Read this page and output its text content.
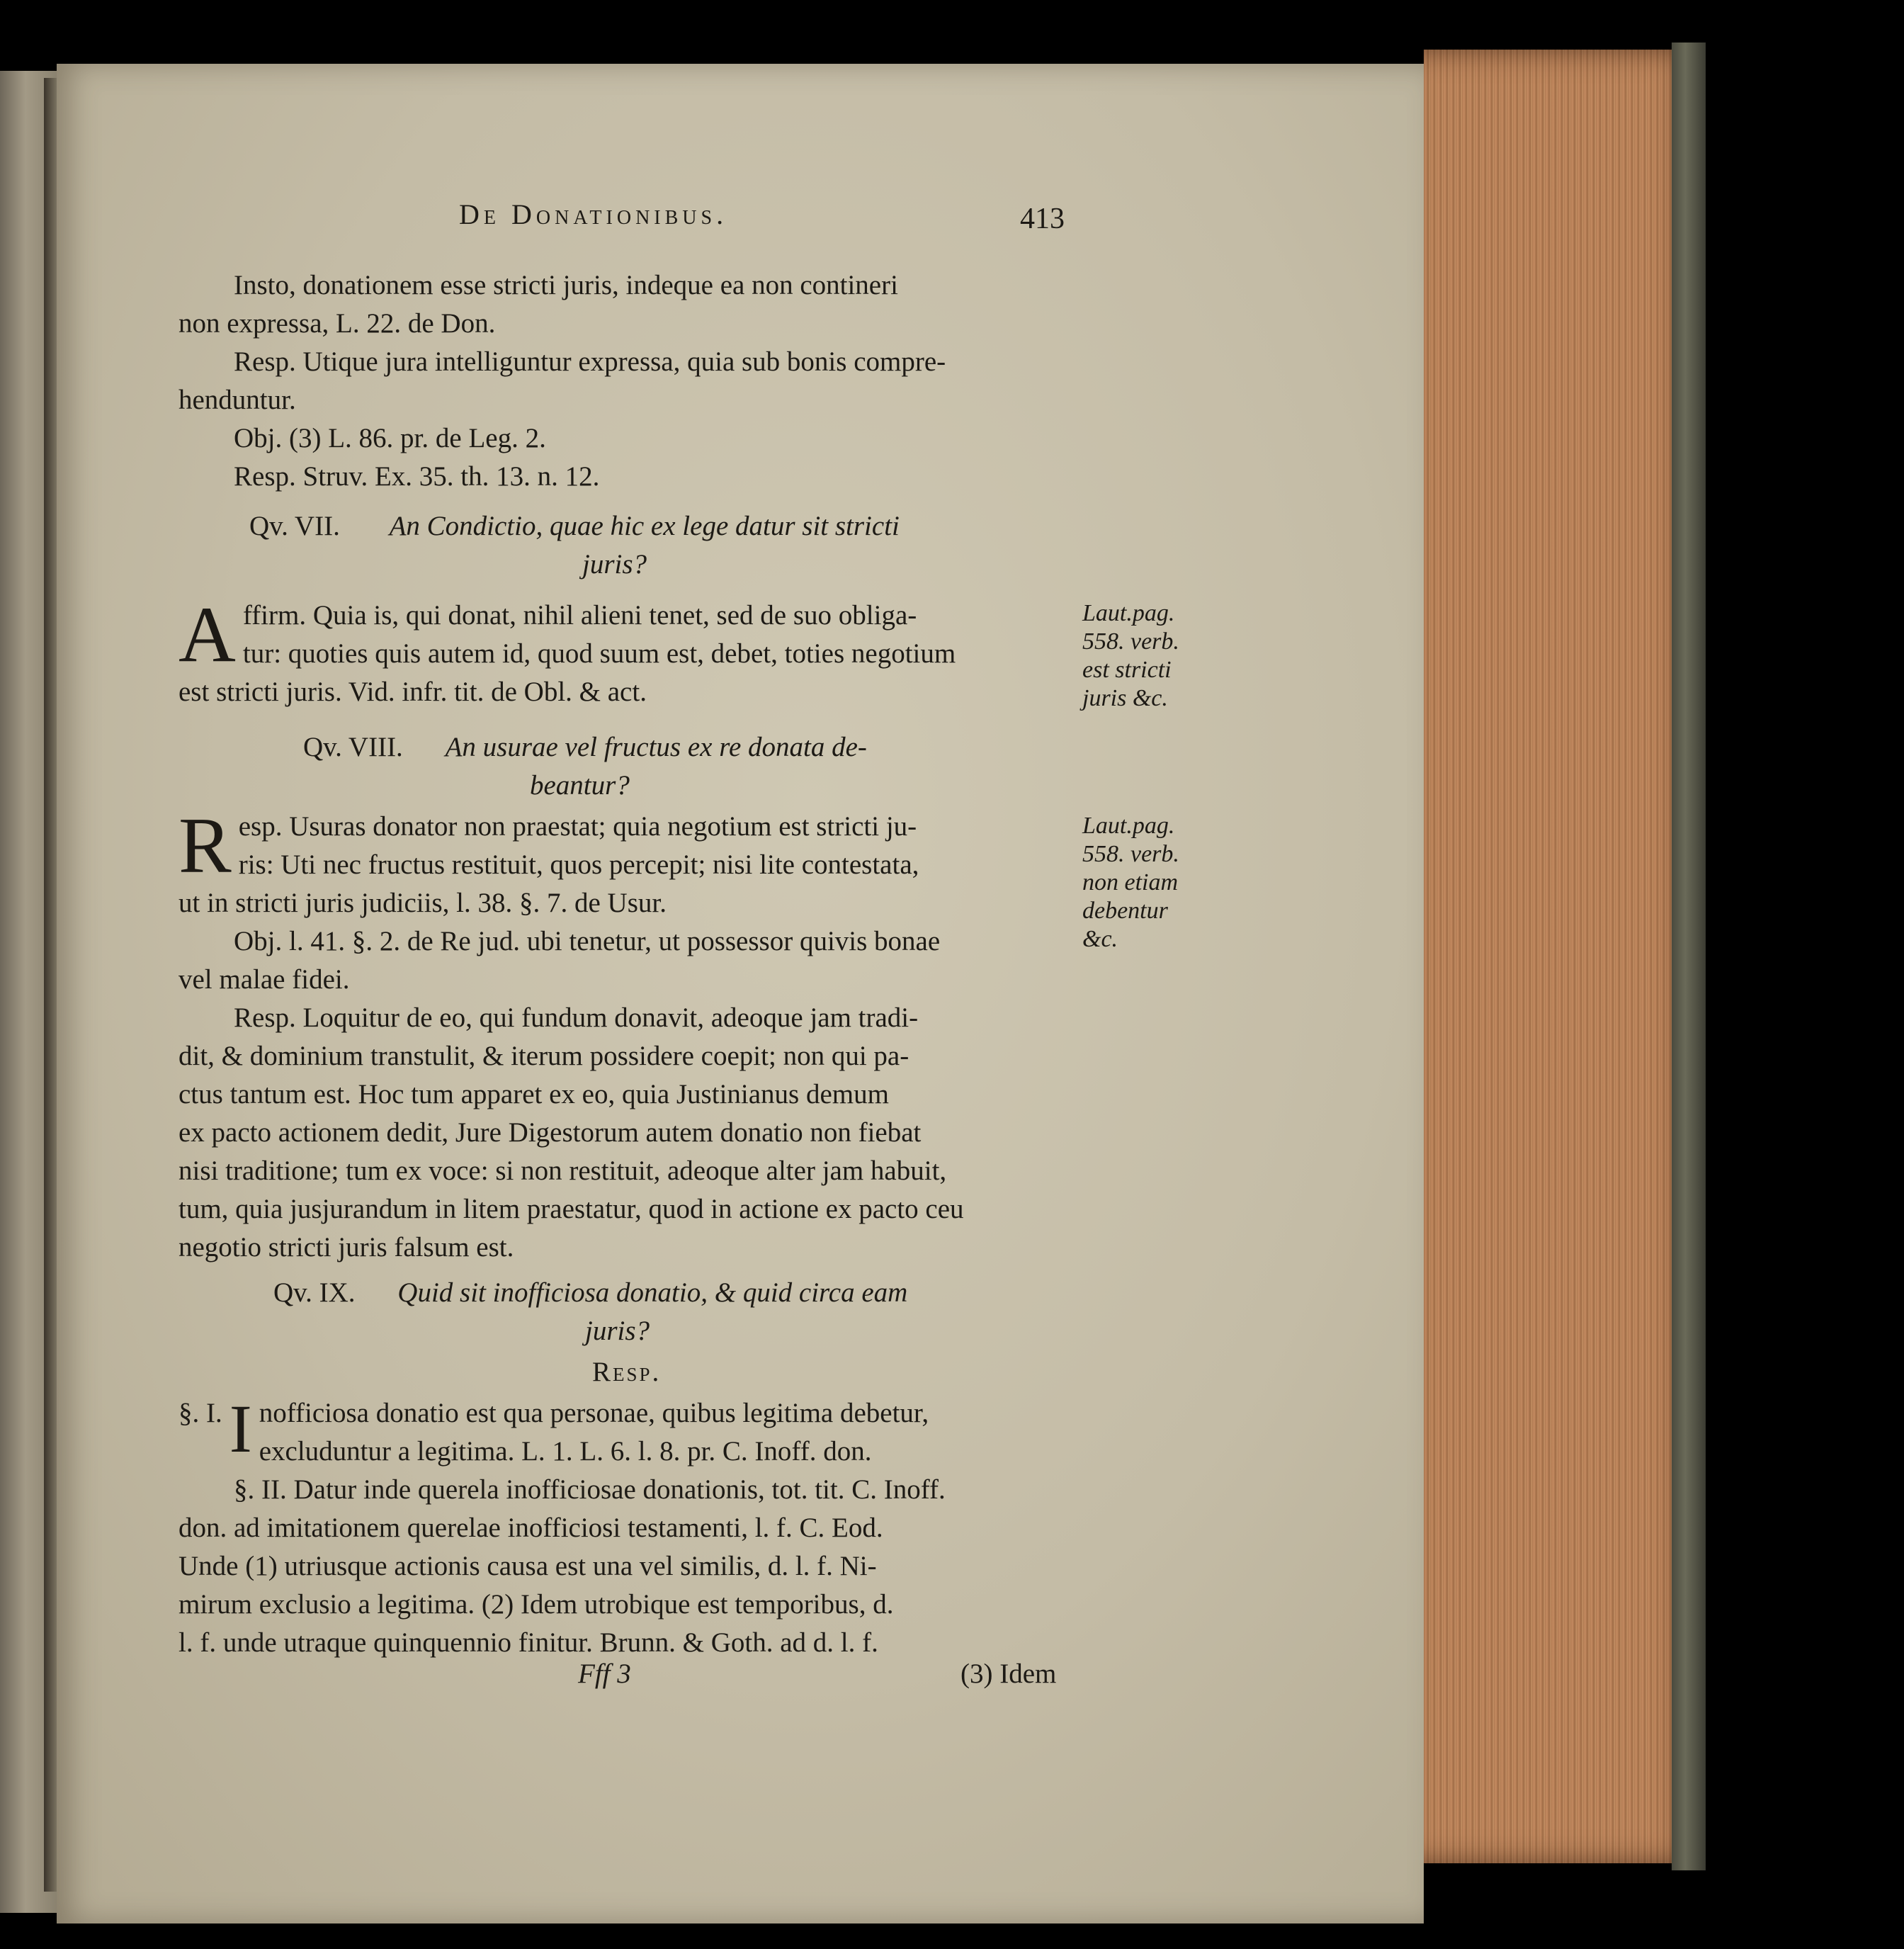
De Donationibus.	413
Insto, donationem esse stricti juris, indeque ea non contineri
non expressa, L. 22. de Don.
Resp. Utique jura intelliguntur expressa, quia sub bonis compre-
henduntur.
Obj. (3) L. 86. pr. de Leg. 2.
Resp. Struv. Ex. 35. th. 13. n. 12.
Qv. VII. An Condictio, quae hic ex lege datur sit stricti
juris?
A ffirm. Quia is, qui donat, nihil alieni tenet, sed de suo obliga-
tur: quoties quis autem id, quod suum est, debet, toties negotium
est stricti juris. Vid. infr. tit. de Obl. & act.
Laut.pag.
558. verb.
est stricti
juris &c.
Qv. VIII. An usurae vel fructus ex re donata de-
beantur?
R esp. Usuras donator non praestat; quia negotium est stricti ju-
ris: Uti nec fructus restituit, quos percepit; nisi lite contestata,
ut in stricti juris judiciis, l. 38. §. 7. de Usur.
Obj. l. 41. §. 2. de Re jud. ubi tenetur, ut possessor quivis bonae
vel malae fidei.
Resp. Loquitur de eo, qui fundum donavit, adeoque jam tradi-
dit, & dominium transtulit, & iterum possidere coepit; non qui pa-
ctus tantum est. Hoc tum apparet ex eo, quia Justinianus demum
ex pacto actionem dedit, Jure Digestorum autem donatio non fiebat
nisi traditione; tum ex voce: si non restituit, adeoque alter jam habuit,
tum, quia jusjurandum in litem praestatur, quod in actione ex pacto ceu
negotio stricti juris falsum est.
Laut.pag.
558. verb.
non etiam
debentur
&c.
Qv. IX. Quid sit inofficiosa donatio, & quid circa eam
juris?
Resp.
§. I. I nofficiosa donatio est qua personae, quibus legitima debetur,
excluduntur a legitima. L. 1. L. 6. l. 8. pr. C. Inoff. don.
§. II. Datur inde querela inofficiosae donationis, tot. tit. C. Inoff.
don. ad imitationem querelae inofficiosi testamenti, l. f. C. Eod.
Unde (1) utriusque actionis causa est una vel similis, d. l. f. Ni-
mirum exclusio a legitima. (2) Idem utrobique est temporibus, d.
l. f. unde utraque quinquennio finitur. Brunn. & Goth. ad d. l. f.
Fff 3	(3) Idem
